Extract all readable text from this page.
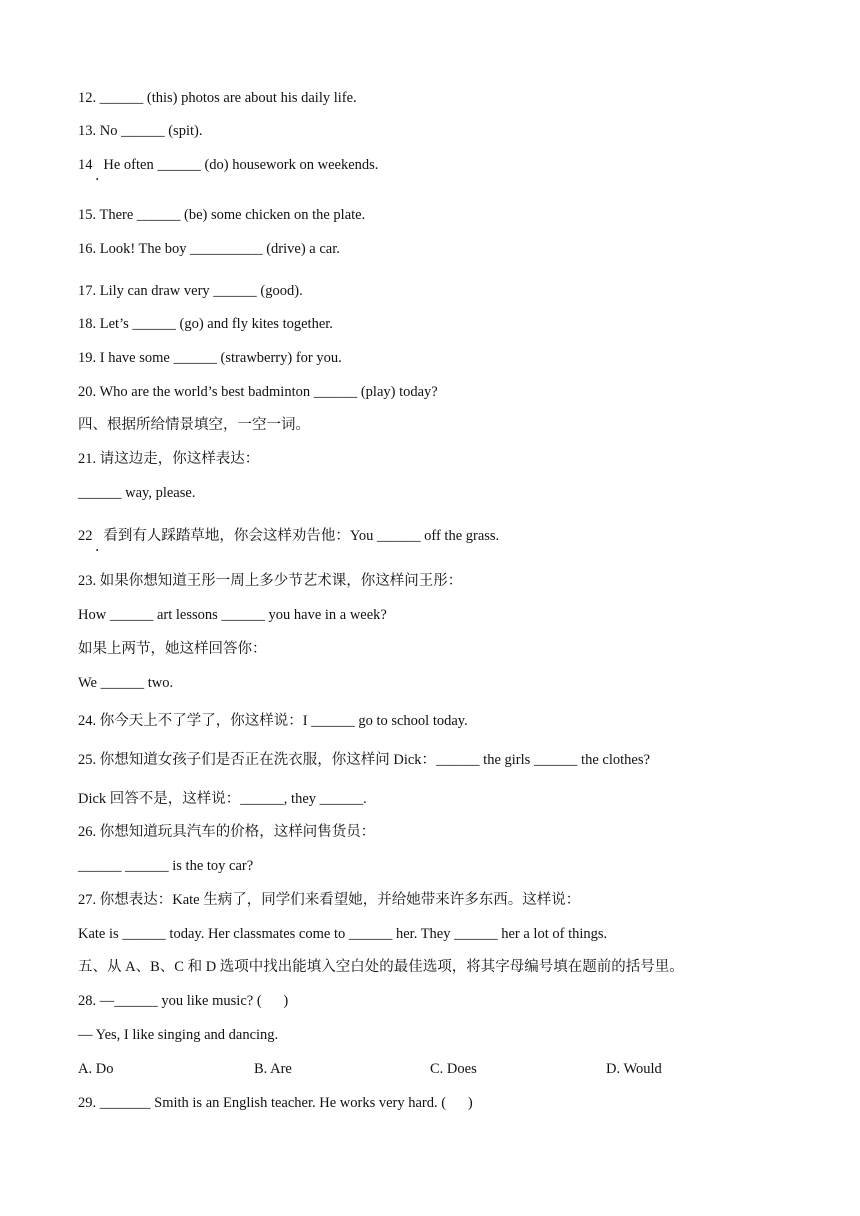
12. ______ (this) photos are about his daily life.
13. No ______ (spit).
14   He often ______ (do) housework on weekends.
．
15. There ______ (be) some chicken on the plate.
16. Look! The boy __________ (drive) a car.
17. Lily can draw very ______ (good).
18. Let’s ______ (go) and fly kites together.
19. I have some ______ (strawberry) for you.
20. Who are the world’s best badminton ______ (play) today?
四、根据所给情景填空，一空一词。
21. 请这边走，你这样表达：
______ way, please.
22   看到有人踩踏草地，你会这样劝告他：You ______ off the grass.
．
23. 如果你想知道王彤一周上多少节艺术课，你这样问王彤：
How ______ art lessons ______ you have in a week?
如果上两节，她这样回答你：
We ______ two.
24. 你今天上不了学了，你这样说：I ______ go to school today.
25. 你想知道女孩子们是否正在洗衣服，你这样问 Dick：______ the girls ______ the clothes?
Dick 回答不是，这样说：______, they ______.
26. 你想知道玩具汽车的价格，这样问售货员：
______ ______ is the toy car?
27. 你想表达：Kate 生病了，同学们来看望她，并给她带来许多东西。这样说：
Kate is ______ today. Her classmates come to ______ her. They ______ her a lot of things.
五、从 A、B、C 和 D 选项中找出能填入空白处的最佳选项，将其字母编号填在题前的括号里。
28. —______ you like music? (      )
— Yes, I like singing and dancing.
A. Do	B. Are	C. Does	D. Would
29. _______ Smith is an English teacher. He works very hard. (      )
